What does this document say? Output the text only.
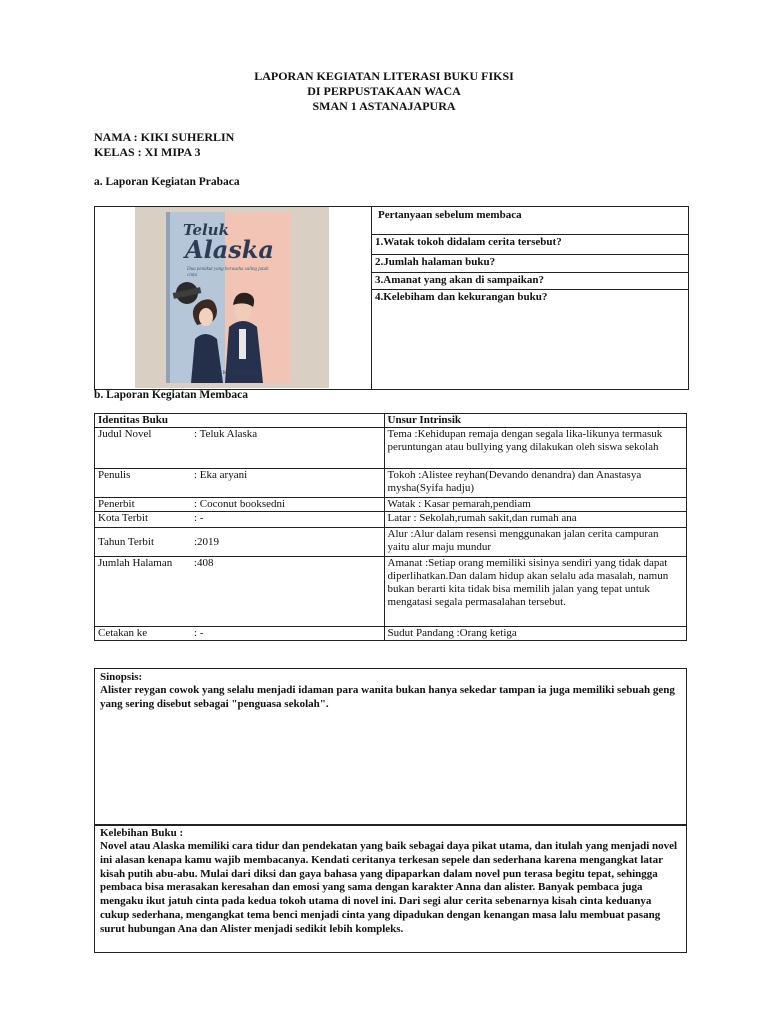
LAPORAN KEGIATAN LITERASI BUKU FIKSI
DI PERPUSTAKAAN WACA
SMAN 1 ASTANAJAPURA
NAMA : KIKI SUHERLIN
KELAS : XI MIPA 3
a. Laporan Kegiatan Prabaca
Teluk
Alaska
Dua penakut yang berusaha saling jatuh cinta
EKA ARYANI
Pertanyaan sebelum membaca
1.Watak tokoh didalam cerita tersebut?
2.Jumlah halaman buku?
3.Amanat yang akan di sampaikan?
4.Kelebiham dan kekurangan buku?
b. Laporan Kegiatan Membaca
Identitas Buku	Unsur Intrinsik
Judul Novel : Teluk Alaska	Tema :Kehidupan remaja dengan segala lika-likunya termasuk peruntungan atau bullying yang dilakukan oleh siswa sekolah
Penulis : Eka aryani	Tokoh :Alistee reyhan(Devando denandra) dan Anastasya mysha(Syifa hadju)
Penerbit : Coconut booksedni	Watak : Kasar pemarah,pendiam
Kota Terbit : -	Latar : Sekolah,rumah sakit,dan rumah ana
Tahun Terbit :2019	Alur :Alur dalam resensi menggunakan jalan cerita campuran yaitu alur maju mundur
Jumlah Halaman :408	Amanat :Setiap orang memiliki sisinya sendiri yang tidak dapat diperlihatkan.Dan dalam hidup akan selalu ada masalah, namun bukan berarti kita tidak bisa memilih jalan yang tepat untuk mengatasi segala permasalahan tersebut.
Cetakan ke : -	Sudut Pandang :Orang ketiga
Sinopsis:
Alister reygan cowok yang selalu menjadi idaman para wanita bukan hanya sekedar tampan ia juga memiliki sebuah geng yang sering disebut sebagai "penguasa sekolah".
Kelebihan Buku :
Novel atau Alaska memiliki cara tidur dan pendekatan yang baik sebagai daya pikat utama, dan itulah yang menjadi novel ini alasan kenapa kamu wajib membacanya. Kendati ceritanya terkesan sepele dan sederhana karena mengangkat latar kisah putih abu-abu. Mulai dari diksi dan gaya bahasa yang dipaparkan dalam novel pun terasa begitu tepat, sehingga pembaca bisa merasakan keresahan dan emosi yang sama dengan karakter Anna dan alister. Banyak pembaca juga mengaku ikut jatuh cinta pada kedua tokoh utama di novel ini. Dari segi alur cerita sebenarnya kisah cinta keduanya cukup sederhana, mengangkat tema benci menjadi cinta yang dipadukan dengan kenangan masa lalu membuat pasang surut hubungan Ana dan Alister menjadi sedikit lebih kompleks.
